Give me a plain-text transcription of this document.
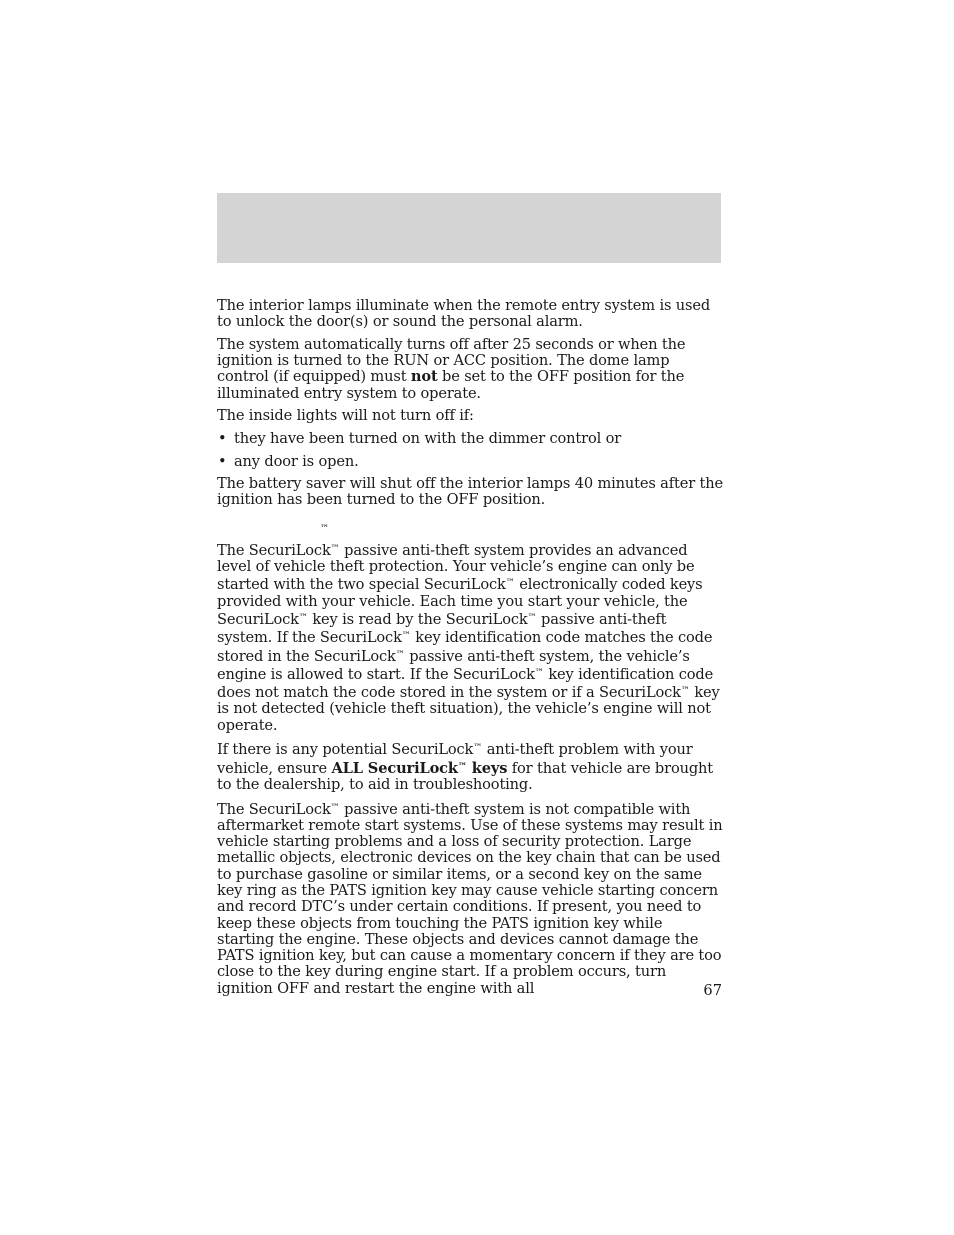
The interior lamps illuminate when the remote entry system is used to unlock the door(s) or sound the personal alarm.

The system automatically turns off after 25 seconds or when the ignition is turned to the RUN or ACC position. The dome lamp control (if equipped) must not be set to the OFF position for the illuminated entry system to operate.

The inside lights will not turn off if:

• they have been turned on with the dimmer control or
• any door is open.

The battery saver will shut off the interior lamps 40 minutes after the ignition has been turned to the OFF position.

™

The SecuriLock™ passive anti-theft system provides an advanced level of vehicle theft protection. Your vehicle’s engine can only be started with the two special SecuriLock™ electronically coded keys provided with your vehicle. Each time you start your vehicle, the SecuriLock™ key is read by the SecuriLock™ passive anti-theft system. If the SecuriLock™ key identification code matches the code stored in the SecuriLock™ passive anti-theft system, the vehicle’s engine is allowed to start. If the SecuriLock™ key identification code does not match the code stored in the system or if a SecuriLock™ key is not detected (vehicle theft situation), the vehicle’s engine will not operate.

If there is any potential SecuriLock™ anti-theft problem with your vehicle, ensure ALL SecuriLock™ keys for that vehicle are brought to the dealership, to aid in troubleshooting.

The SecuriLock™ passive anti-theft system is not compatible with aftermarket remote start systems. Use of these systems may result in vehicle starting problems and a loss of security protection. Large metallic objects, electronic devices on the key chain that can be used to purchase gasoline or similar items, or a second key on the same key ring as the PATS ignition key may cause vehicle starting concern and record DTC’s under certain conditions. If present, you need to keep these objects from touching the PATS ignition key while starting the engine. These objects and devices cannot damage the PATS ignition key, but can cause a momentary concern if they are too close to the key during engine start. If a problem occurs, turn ignition OFF and restart the engine with all	67
